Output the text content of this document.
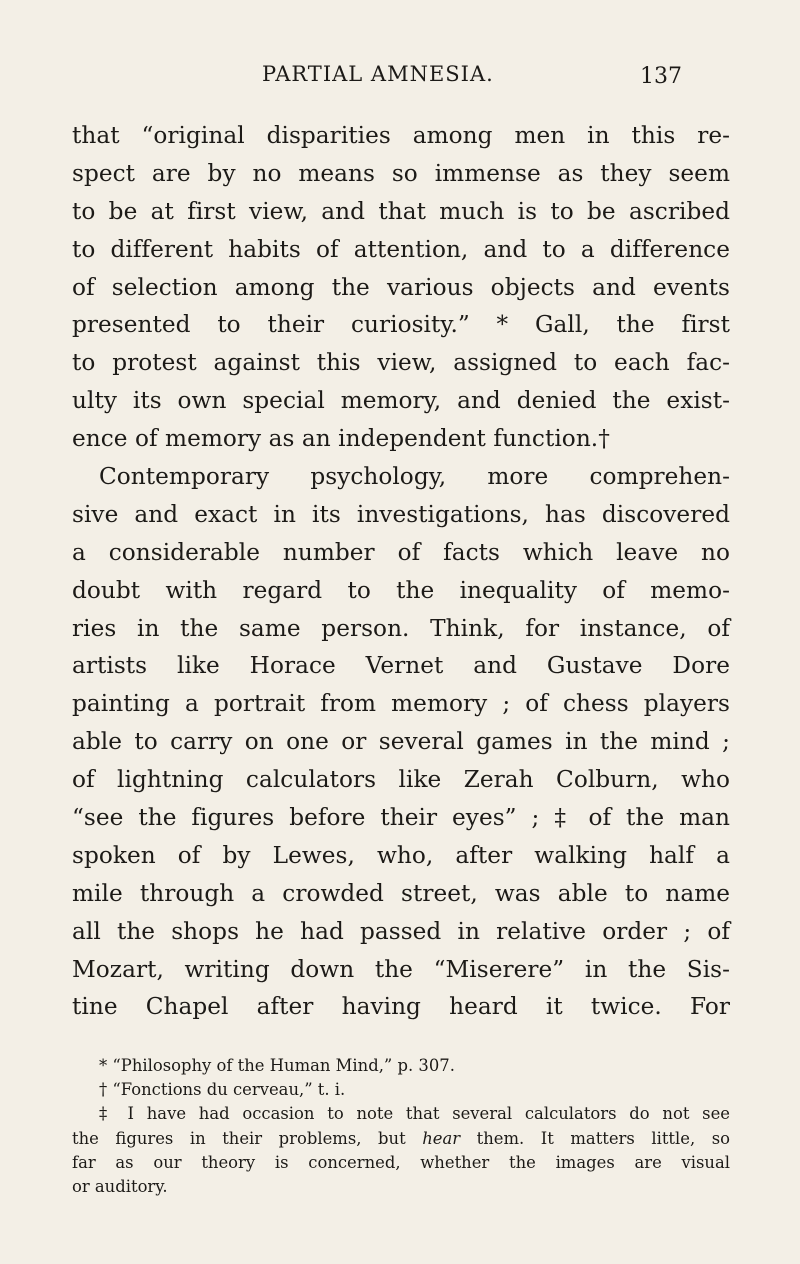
PARTIAL AMNESIA.	137
that “original disparities among men in this re-
spect are by no means so immense as they seem
to be at first view, and that much is to be ascribed
to different habits of attention, and to a difference
of selection among the various objects and events
presented to their curiosity.” * Gall, the first
to protest against this view, assigned to each fac-
ulty its own special memory, and denied the exist-
ence of memory as an independent function.†
Contemporary psychology, more comprehen-
sive and exact in its investigations, has discovered
a considerable number of facts which leave no
doubt with regard to the inequality of memo-
ries in the same person. Think, for instance, of
artists like Horace Vernet and Gustave Dore
painting a portrait from memory ; of chess players
able to carry on one or several games in the mind ;
of lightning calculators like Zerah Colburn, who
“see the figures before their eyes” ; ‡ of the man
spoken of by Lewes, who, after walking half a
mile through a crowded street, was able to name
all the shops he had passed in relative order ; of
Mozart, writing down the “Miserere” in the Sis-
tine Chapel after having heard it twice. For
* “Philosophy of the Human Mind,” p. 307.
† “Fonctions du cerveau,” t. i.
‡ I have had occasion to note that several calculators do not see
the figures in their problems, but hear them. It matters little, so
far as our theory is concerned, whether the images are visual
or auditory.
